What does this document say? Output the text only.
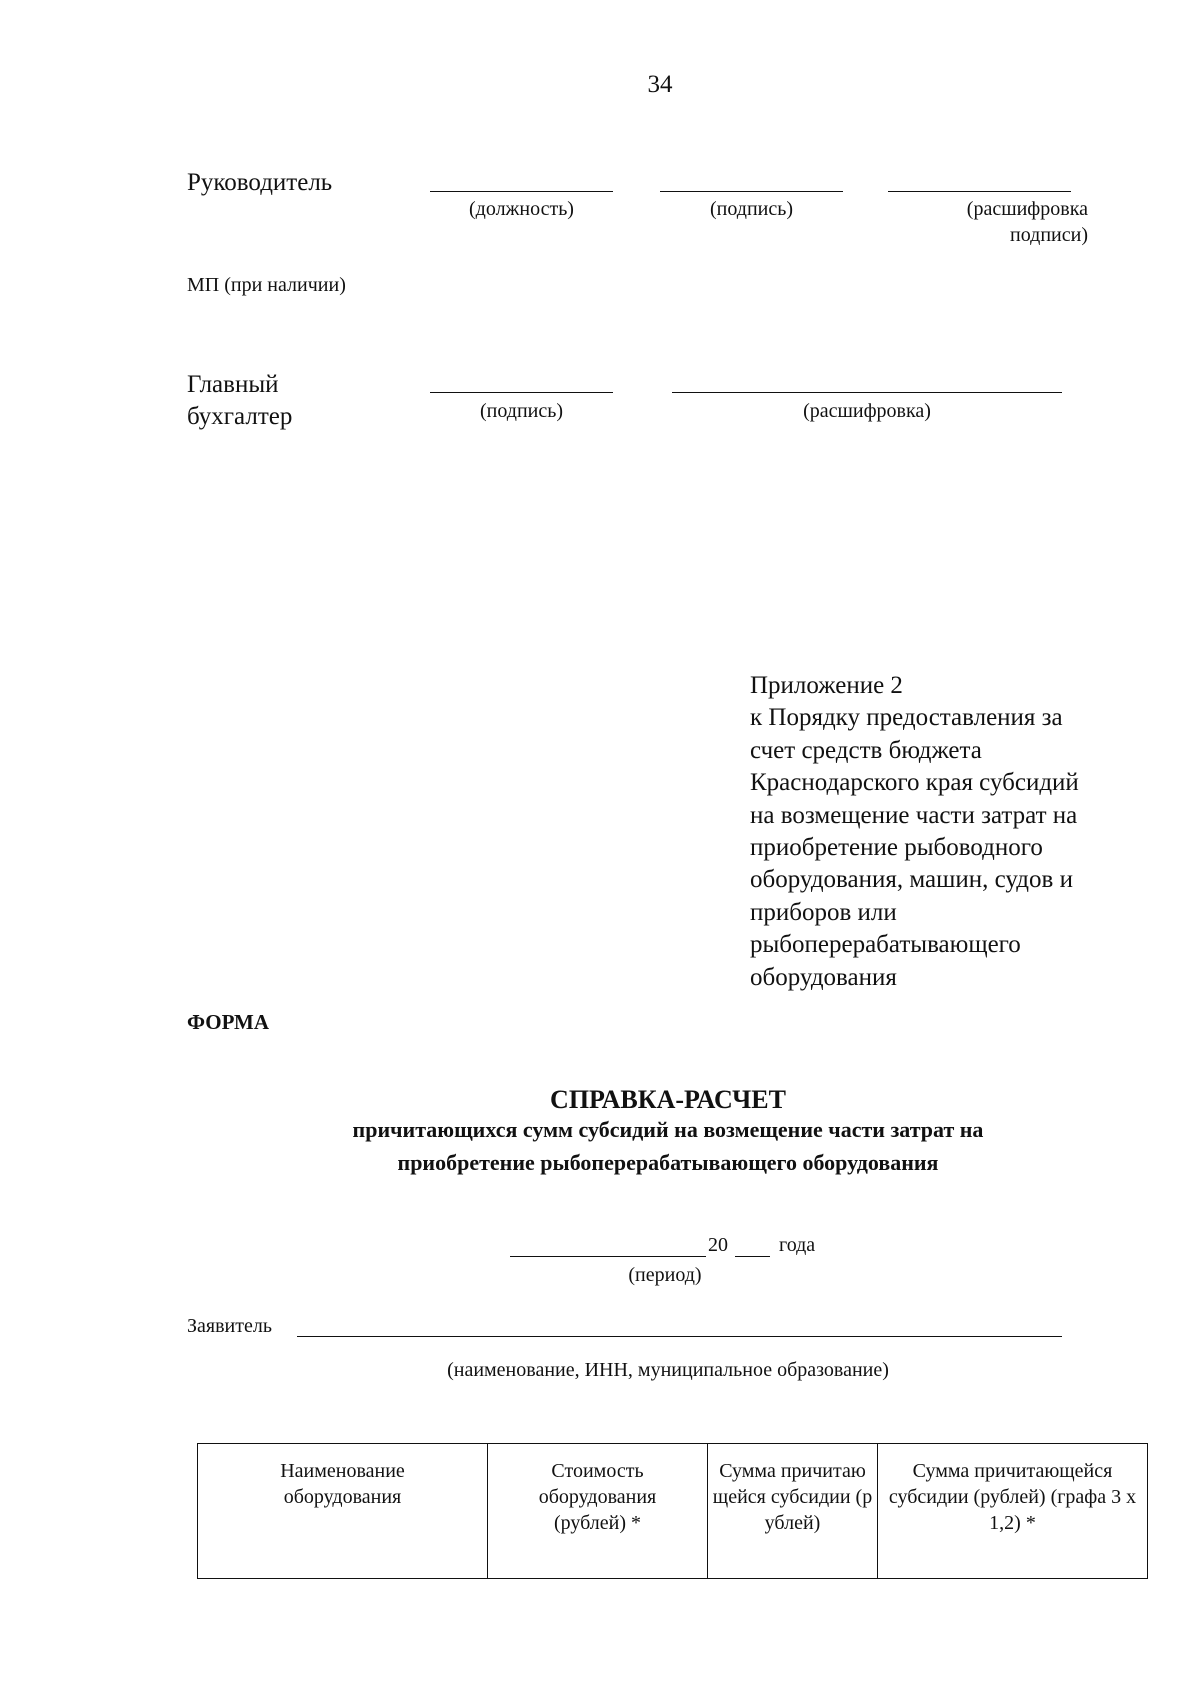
34
Руководитель
(должность)	(подпись)	(расшифровка подписи)
МП (при наличии)
Главный бухгалтер	(подпись)	(расшифровка)
Приложение 2
к Порядку предоставления за
счет средств бюджета
Краснодарского края субсидий
на возмещение части затрат на
приобретение рыбоводного
оборудования, машин, судов и
приборов или
рыбоперерабатывающего
оборудования
ФОРМА
СПРАВКА-РАСЧЕТ
причитающихся сумм субсидий на возмещение части затрат на
приобретение рыбоперерабатывающего оборудования
20	года
(период)
Заявитель
(наименование, ИНН, муниципальное образование)
Наименование оборудования	Стоимость оборудования (рублей) *	Сумма причитающейся субсидии (рублей)	Сумма причитающейся субсидии (рублей) (графа 3 х 1,2) *
